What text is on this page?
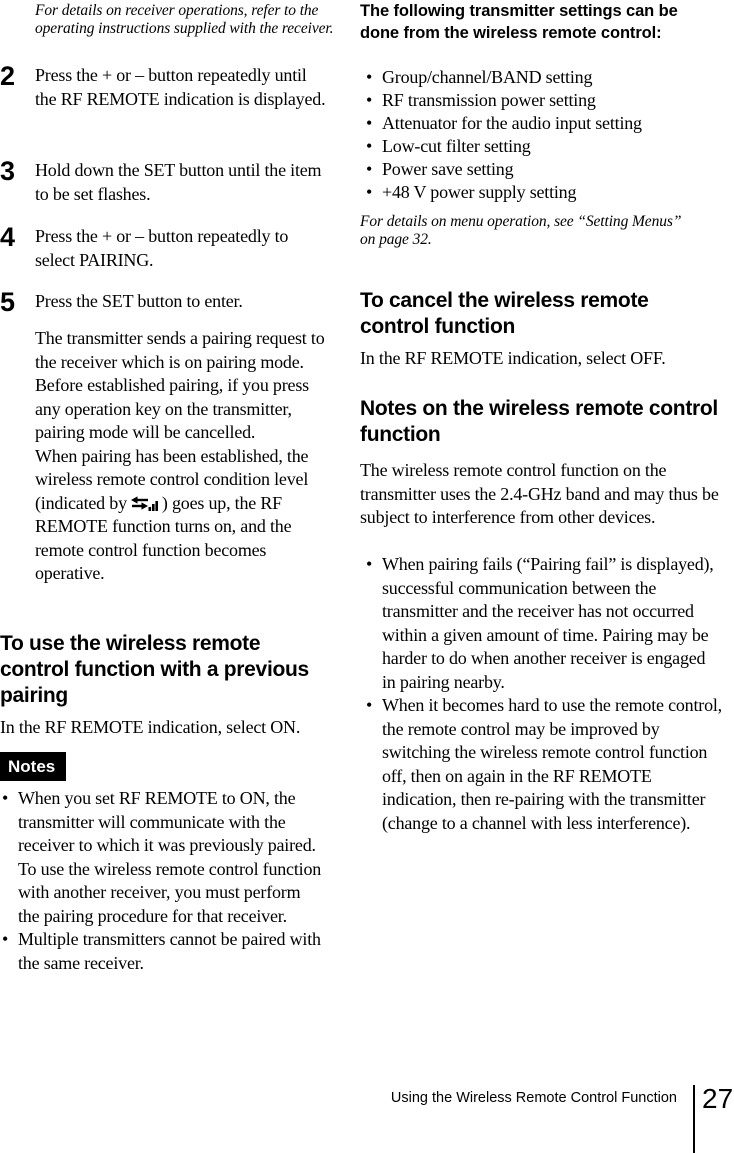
For details on receiver operations, refer to the operating instructions supplied with the receiver.

2	Press the + or – button repeatedly until the RF REMOTE indication is displayed.
3	Hold down the SET button until the item to be set flashes.
4	Press the + or – button repeatedly to select PAIRING.
5	Press the SET button to enter.

The transmitter sends a pairing request to the receiver which is on pairing mode.

Before established pairing, if you press any operation key on the transmitter, pairing mode will be cancelled.

When pairing has been established, the wireless remote control condition level (indicated by ) goes up, the RF REMOTE function turns on, and the remote control function becomes operative.

To use the wireless remote control function with a previous pairing

In the RF REMOTE indication, select ON.

Notes
• When you set RF REMOTE to ON, the transmitter will communicate with the receiver to which it was previously paired. To use the wireless remote control function with another receiver, you must perform the pairing procedure for that receiver.
• Multiple transmitters cannot be paired with the same receiver.
The following transmitter settings can be done from the wireless remote control:
• Group/channel/BAND setting
• RF transmission power setting
• Attenuator for the audio input setting
• Low-cut filter setting
• Power save setting
• +48 V power supply setting

For details on menu operation, see “Setting Menus” on page 32.

To cancel the wireless remote control function

In the RF REMOTE indication, select OFF.

Notes on the wireless remote control function

The wireless remote control function on the transmitter uses the 2.4-GHz band and may thus be subject to interference from other devices.

• When pairing fails (“Pairing fail” is displayed), successful communication between the transmitter and the receiver has not occurred within a given amount of time. Pairing may be harder to do when another receiver is engaged in pairing nearby.
• When it becomes hard to use the remote control, the remote control may be improved by switching the wireless remote control function off, then on again in the RF REMOTE indication, then re-pairing with the transmitter (change to a channel with less interference).
Using the Wireless Remote Control Function 27
